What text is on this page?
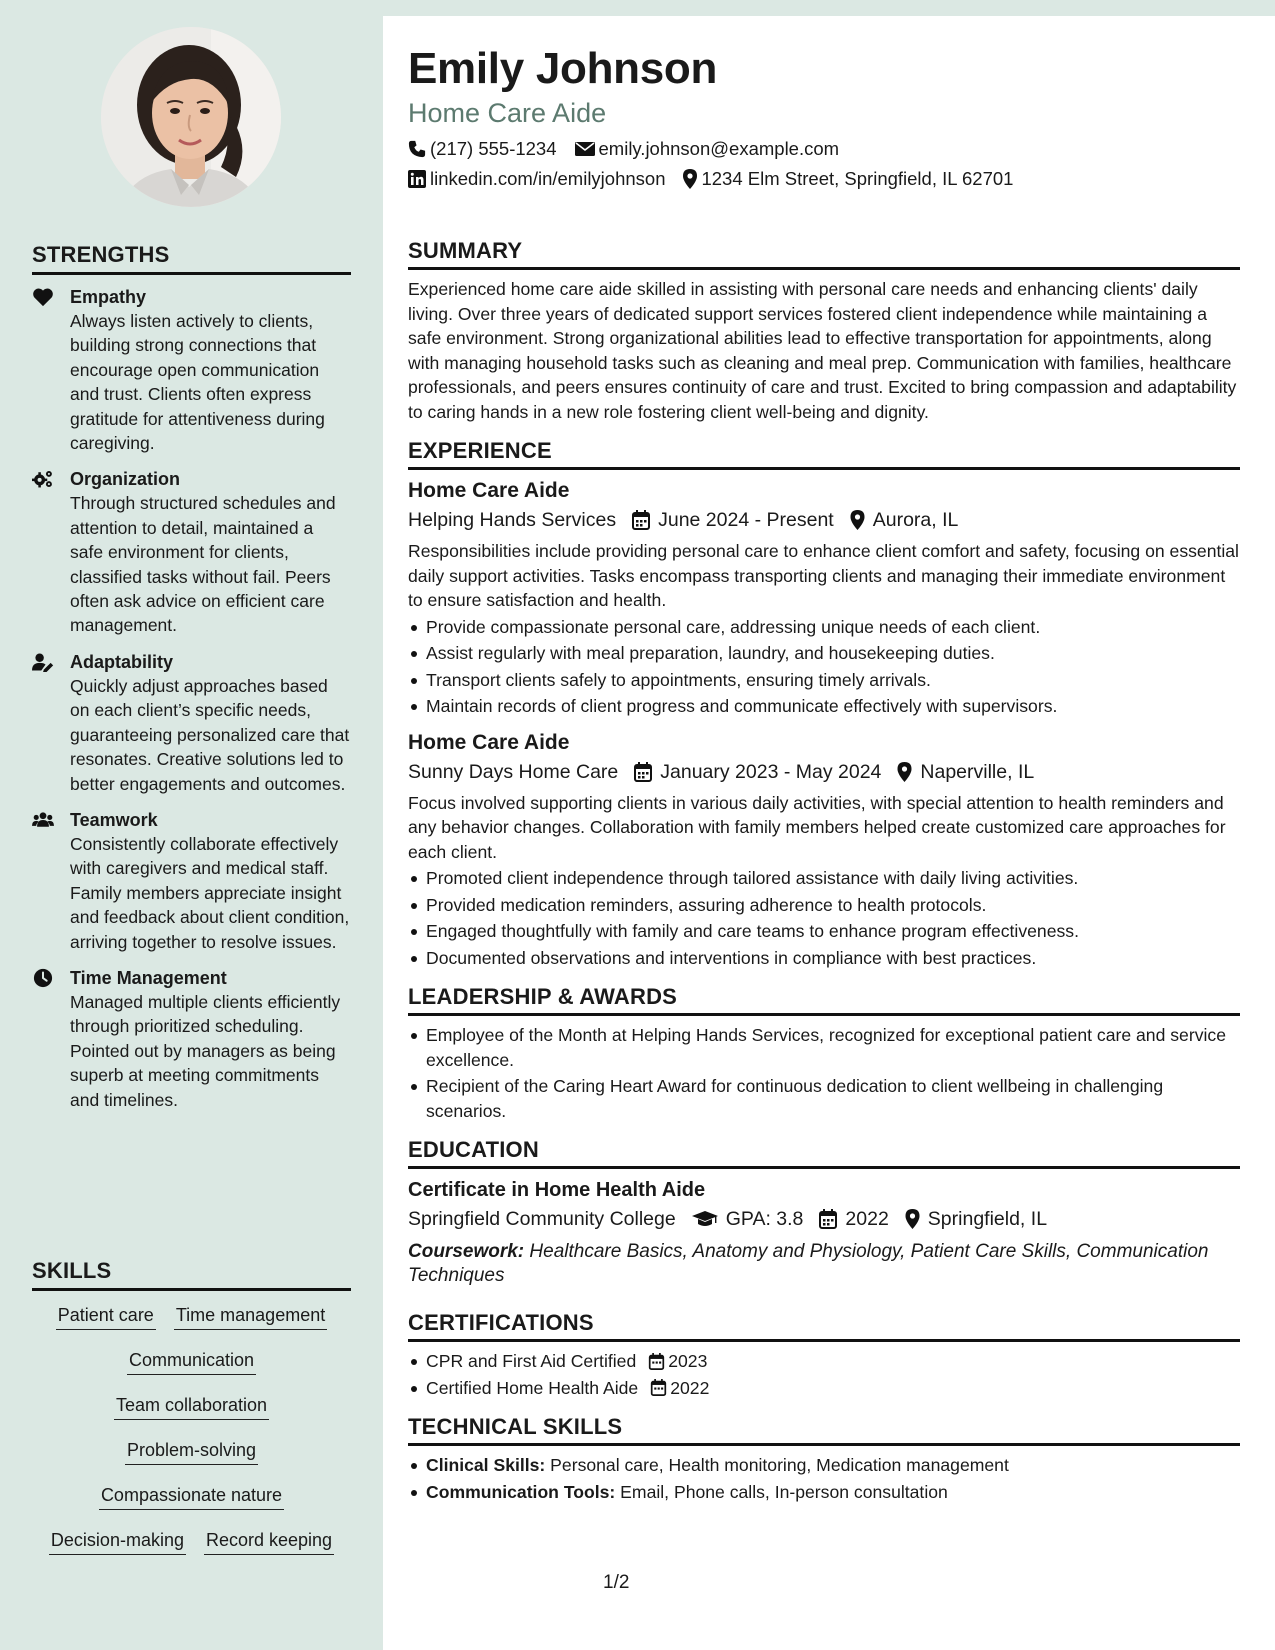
STRENGTHS
Empathy
Always listen actively to clients, building strong connections that encourage open communication and trust. Clients often express gratitude for attentiveness during caregiving.
Organization
Through structured schedules and attention to detail, maintained a safe environment for clients, classified tasks without fail. Peers often ask advice on efficient care management.
Adaptability
Quickly adjust approaches based on each client’s specific needs, guaranteeing personalized care that resonates. Creative solutions led to better engagements and outcomes.
Teamwork
Consistently collaborate effectively with caregivers and medical staff. Family members appreciate insight and feedback about client condition, arriving together to resolve issues.
Time Management
Managed multiple clients efficiently through prioritized scheduling. Pointed out by managers as being superb at meeting commitments and timelines.
SKILLS
Patient care Time management
Communication
Team collaboration
Problem-solving
Compassionate nature
Decision-making Record keeping
Emily Johnson
Home Care Aide
(217) 555-1234 emily.johnson@example.com
linkedin.com/in/emilyjohnson 1234 Elm Street, Springfield, IL 62701
SUMMARY
Experienced home care aide skilled in assisting with personal care needs and enhancing clients' daily living. Over three years of dedicated support services fostered client independence while maintaining a safe environment. Strong organizational abilities lead to effective transportation for appointments, along with managing household tasks such as cleaning and meal prep. Communication with families, healthcare professionals, and peers ensures continuity of care and trust. Excited to bring compassion and adaptability to caring hands in a new role fostering client well-being and dignity.
EXPERIENCE
Home Care Aide
Helping Hands Services June 2024 - Present Aurora, IL
Responsibilities include providing personal care to enhance client comfort and safety, focusing on essential daily support activities. Tasks encompass transporting clients and managing their immediate environment to ensure satisfaction and health.
Provide compassionate personal care, addressing unique needs of each client.
Assist regularly with meal preparation, laundry, and housekeeping duties.
Transport clients safely to appointments, ensuring timely arrivals.
Maintain records of client progress and communicate effectively with supervisors.
Home Care Aide
Sunny Days Home Care January 2023 - May 2024 Naperville, IL
Focus involved supporting clients in various daily activities, with special attention to health reminders and any behavior changes. Collaboration with family members helped create customized care approaches for each client.
Promoted client independence through tailored assistance with daily living activities.
Provided medication reminders, assuring adherence to health protocols.
Engaged thoughtfully with family and care teams to enhance program effectiveness.
Documented observations and interventions in compliance with best practices.
LEADERSHIP & AWARDS
Employee of the Month at Helping Hands Services, recognized for exceptional patient care and service excellence.
Recipient of the Caring Heart Award for continuous dedication to client wellbeing in challenging scenarios.
EDUCATION
Certificate in Home Health Aide
Springfield Community College	GPA: 3.8 2022 Springfield, IL
Coursework: Healthcare Basics, Anatomy and Physiology, Patient Care Skills, Communication Techniques
CERTIFICATIONS
CPR and First Aid Certified 2023
Certified Home Health Aide 2022
TECHNICAL SKILLS
Clinical Skills: Personal care, Health monitoring, Medication management
Communication Tools: Email, Phone calls, In-person consultation
1/2
